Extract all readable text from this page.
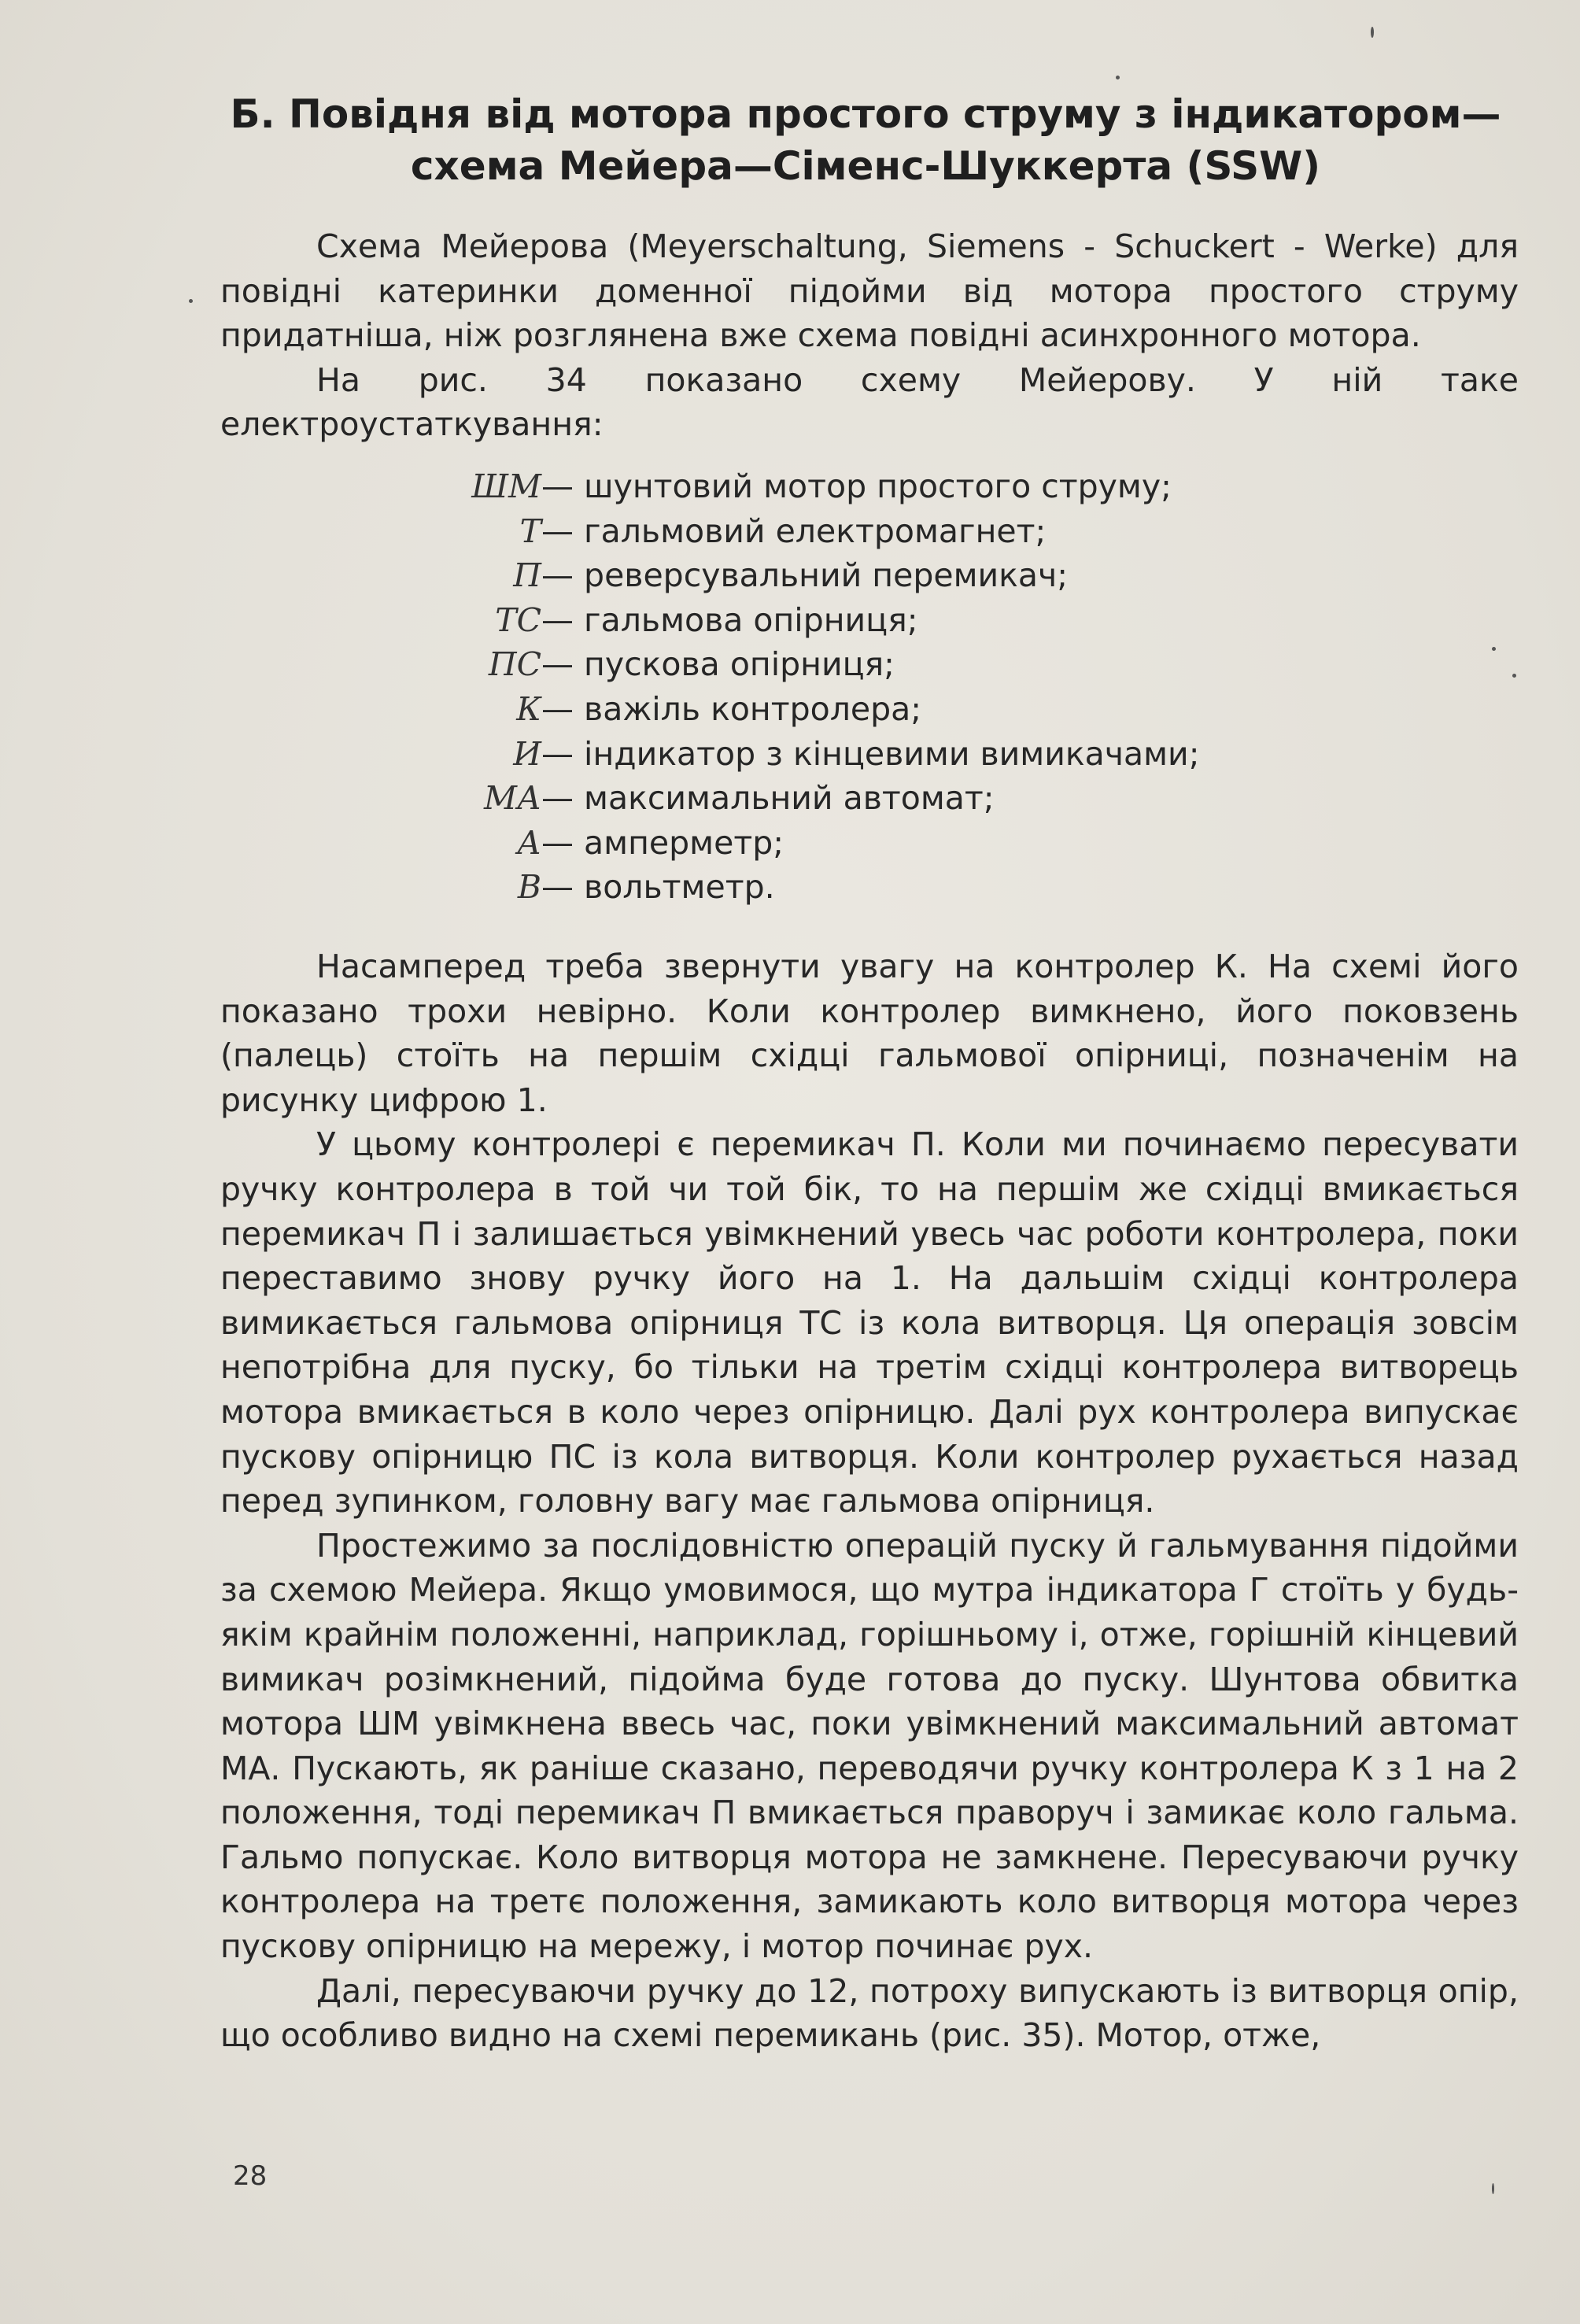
Б. Повідня від мотора простого струму з індикатором—
схема Мейера—Сіменс-Шуккерта (SSW)

Схема Мейерова (Meyerschaltung, Siemens - Schuckert - Werke) для повідні катеринки доменної підойми від мотора простого струму придатніша, ніж розглянена вже схема повідні асинхронного мотора.

На рис. 34 показано схему Мейерову. У ній таке електроустаткування:

ШМ — шунтовий мотор простого струму;
Т — гальмовий електромагнет;
П — реверсувальний перемикач;
ТС — гальмова опірниця;
ПС — пускова опірниця;
К — важіль контролера;
И — індикатор з кінцевими вимикачами;
МА — максимальний автомат;
А — амперметр;
В — вольтметр.

Насамперед треба звернути увагу на контролер К. На схемі його показано трохи невірно. Коли контролер вимкнено, його поковзень (палець) стоїть на першім східці гальмової опірниці, позначенім на рисунку цифрою 1.

У цьому контролері є перемикач П. Коли ми починаємо пересувати ручку контролера в той чи той бік, то на першім же східці вмикається перемикач П і залишається увімкнений увесь час роботи контролера, поки переставимо знову ручку його на 1. На дальшім східці контролера вимикається гальмова опірниця ТС із кола витворця. Ця операція зовсім непотрібна для пуску, бо тільки на третім східці контролера витворець мотора вмикається в коло через опірницю. Далі рух контролера випускає пускову опірницю ПС із кола витворця. Коли контролер рухається назад перед зупинком, головну вагу має гальмова опірниця.

Простежимо за послідовністю операцій пуску й гальмування підойми за схемою Мейера. Якщо умовимося, що мутра індикатора Г стоїть у будь-якім крайнім положенні, наприклад, горішньому і, отже, горішній кінцевий вимикач розімкнений, підойма буде готова до пуску. Шунтова обвитка мотора ШМ увімкнена ввесь час, поки увімкнений максимальний автомат МА. Пускають, як раніше сказано, переводячи ручку контролера К з 1 на 2 положення, тоді перемикач П вмикається праворуч і замикає коло гальма. Гальмо попускає. Коло витворця мотора не замкнене. Пересуваючи ручку контролера на третє положення, замикають коло витворця мотора через пускову опірницю на мережу, і мотор починає рух.

Далі, пересуваючи ручку до 12, потроху випускають із витворця опір, що особливо видно на схемі перемикань (рис. 35). Мотор, отже,

28
